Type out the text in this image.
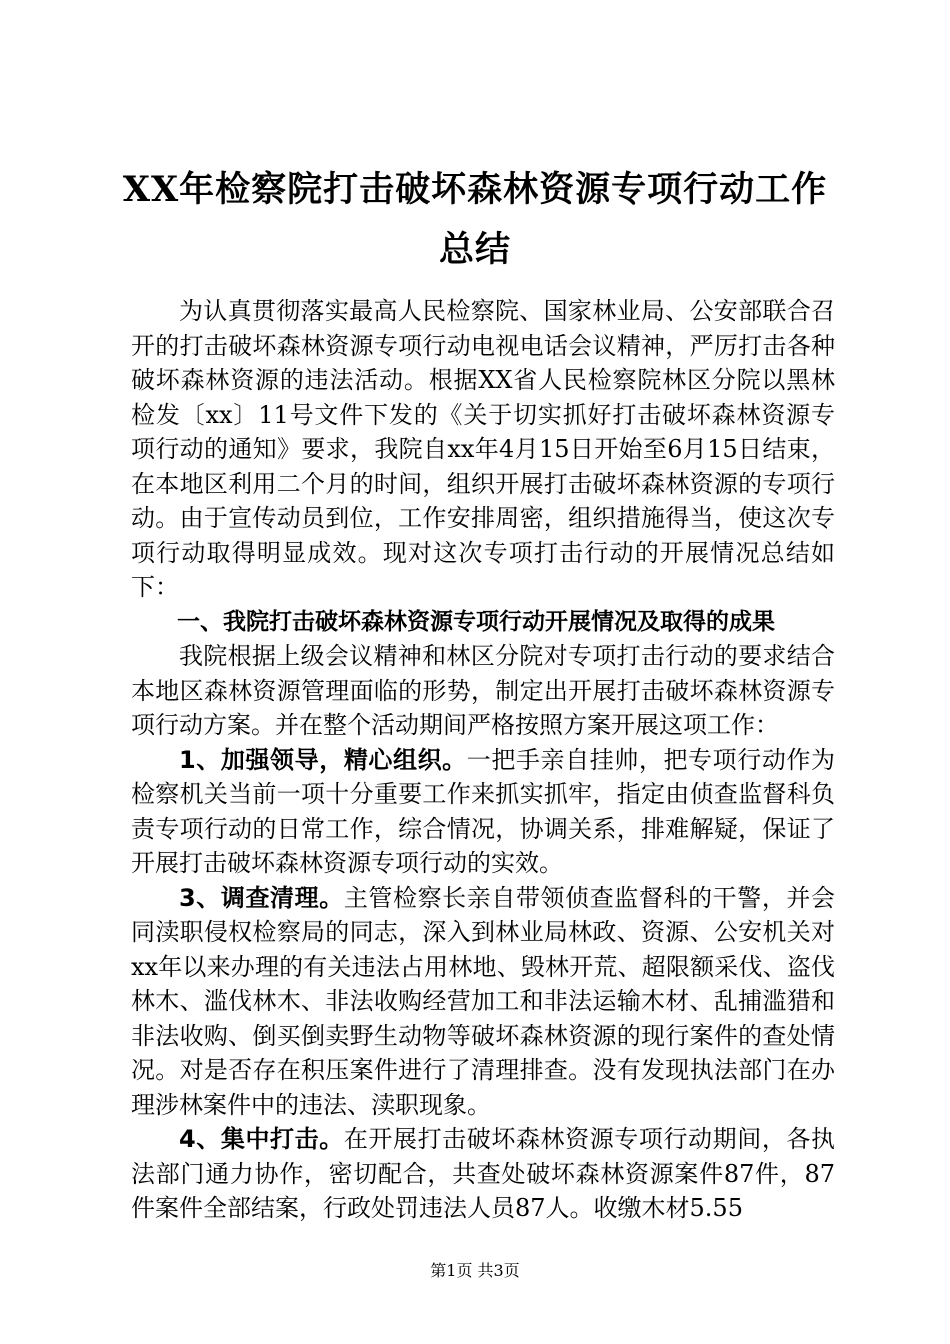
XX年检察院打击破坏森林资源专项行动工作总结

为认真贯彻落实最高人民检察院、国家林业局、公安部联合召开的打击破坏森林资源专项行动电视电话会议精神，严厉打击各种破坏森林资源的违法活动。根据XX省人民检察院林区分院以黑林检发〔xx〕11号文件下发的《关于切实抓好打击破坏森林资源专项行动的通知》要求，我院自xx年4月15日开始至6月15日结束，在本地区利用二个月的时间，组织开展打击破坏森林资源的专项行动。由于宣传动员到位，工作安排周密，组织措施得当，使这次专项行动取得明显成效。现对这次专项打击行动的开展情况总结如下：

一、我院打击破坏森林资源专项行动开展情况及取得的成果

我院根据上级会议精神和林区分院对专项打击行动的要求结合本地区森林资源管理面临的形势，制定出开展打击破坏森林资源专项行动方案。并在整个活动期间严格按照方案开展这项工作：

1、加强领导，精心组织。一把手亲自挂帅，把专项行动作为检察机关当前一项十分重要工作来抓实抓牢，指定由侦查监督科负责专项行动的日常工作，综合情况，协调关系，排难解疑，保证了开展打击破坏森林资源专项行动的实效。

3、调查清理。主管检察长亲自带领侦查监督科的干警，并会同渎职侵权检察局的同志，深入到林业局林政、资源、公安机关对xx年以来办理的有关违法占用林地、毁林开荒、超限额采伐、盗伐林木、滥伐林木、非法收购经营加工和非法运输木材、乱捕滥猎和非法收购、倒买倒卖野生动物等破坏森林资源的现行案件的查处情况。对是否存在积压案件进行了清理排查。没有发现执法部门在办理涉林案件中的违法、渎职现象。

4、集中打击。在开展打击破坏森林资源专项行动期间，各执法部门通力协作，密切配合，共查处破坏森林资源案件87件，87件案件全部结案，行政处罚违法人员87人。收缴木材5.55

第1页 共3页
